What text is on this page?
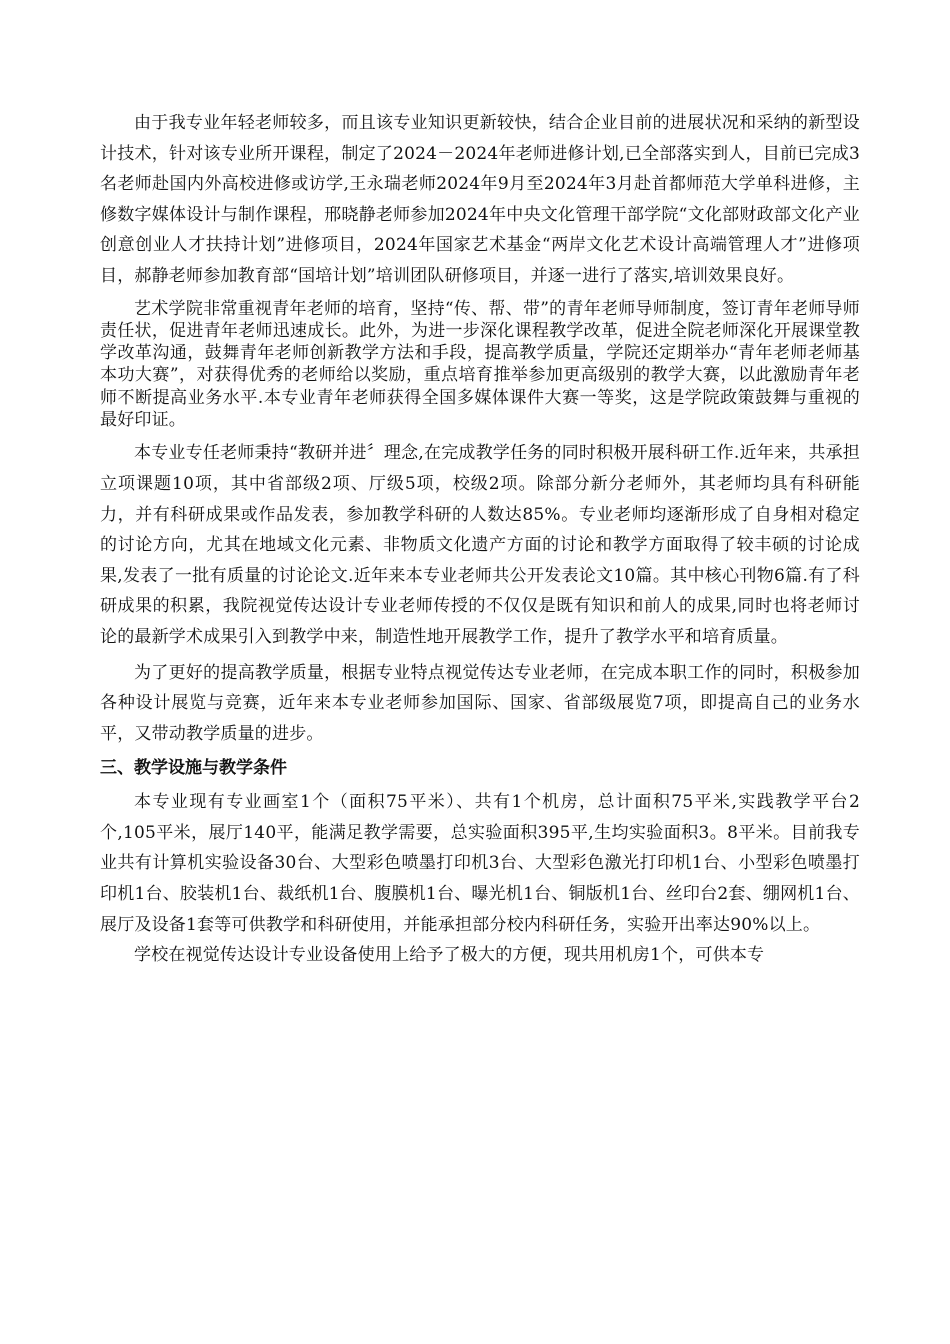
由于我专业年轻老师较多，而且该专业知识更新较快，结合企业目前的进展状况和采纳的新型设计技术，针对该专业所开课程，制定了2024－2024年老师进修计划,已全部落实到人，目前已完成3名老师赴国内外高校进修或访学,王永瑞老师2024年9月至2024年3月赴首都师范大学单科进修，主修数字媒体设计与制作课程，邢晓静老师参加2024年中央文化管理干部学院“文化部财政部文化产业创意创业人才扶持计划”进修项目，2024年国家艺术基金“两岸文化艺术设计高端管理人才”进修项目，郝静老师参加教育部“国培计划”培训团队研修项目，并逐一进行了落实,培训效果良好。

艺术学院非常重视青年老师的培育，坚持“传、帮、带”的青年老师导师制度，签订青年老师导师责任状，促进青年老师迅速成长。此外，为进一步深化课程教学改革，促进全院老师深化开展课堂教学改革沟通，鼓舞青年老师创新教学方法和手段，提高教学质量，学院还定期举办“青年老师老师基本功大赛”，对获得优秀的老师给以奖励，重点培育推举参加更高级别的教学大赛，以此激励青年老师不断提高业务水平.本专业青年老师获得全国多媒体课件大赛一等奖，这是学院政策鼓舞与重视的最好印证。

本专业专任老师秉持“教研并进〞理念,在完成教学任务的同时积极开展科研工作.近年来，共承担立项课题10项，其中省部级2项、厅级5项，校级2项。除部分新分老师外，其老师均具有科研能力，并有科研成果或作品发表，参加教学科研的人数达85%。专业老师均逐渐形成了自身相对稳定的讨论方向，尤其在地域文化元素、非物质文化遗产方面的讨论和教学方面取得了较丰硕的讨论成果,发表了一批有质量的讨论论文.近年来本专业老师共公开发表论文10篇。其中核心刊物6篇.有了科研成果的积累，我院视觉传达设计专业老师传授的不仅仅是既有知识和前人的成果,同时也将老师讨论的最新学术成果引入到教学中来，制造性地开展教学工作，提升了教学水平和培育质量。

为了更好的提高教学质量，根据专业特点视觉传达专业老师，在完成本职工作的同时，积极参加各种设计展览与竞赛，近年来本专业老师参加国际、国家、省部级展览7项，即提高自己的业务水平，又带动教学质量的进步。

三、教学设施与教学条件

本专业现有专业画室1个（面积75平米）、共有1个机房，总计面积75平米,实践教学平台2个,105平米，展厅140平，能满足教学需要，总实验面积395平,生均实验面积3。8平米。目前我专业共有计算机实验设备30台、大型彩色喷墨打印机3台、大型彩色激光打印机1台、小型彩色喷墨打印机1台、胶装机1台、裁纸机1台、腹膜机1台、曝光机1台、铜版机1台、丝印台2套、绷网机1台、展厅及设备1套等可供教学和科研使用，并能承担部分校内科研任务，实验开出率达90%以上。

学校在视觉传达设计专业设备使用上给予了极大的方便，现共用机房1个，可供本专
